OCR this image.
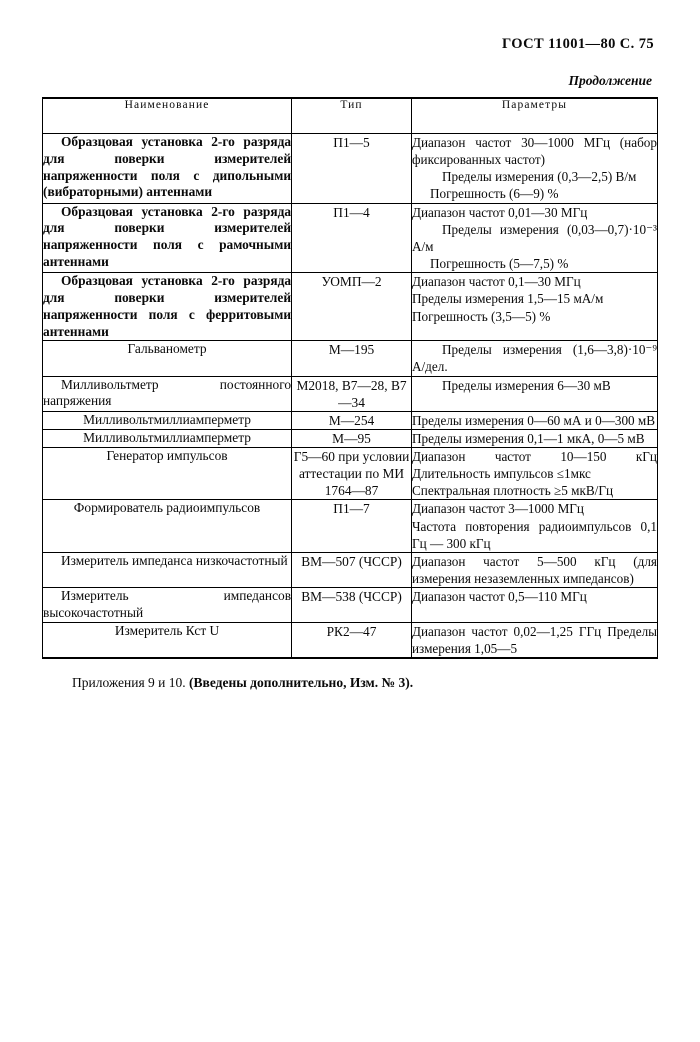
ГОСТ 11001—80 С. 75
Продолжение
Наименование	Тип	Параметры

Образцовая установка 2-го разряда для поверки измерителей напряженности поля с дипольными (вибраторными) антеннами	П1—5	Диапазон частот 30—1000 МГц (набор фиксированных частот)
Пределы измерения (0,3—2,5) В/м
Погрешность (6—9) %

Образцовая установка 2-го разряда для поверки измерителей напряженности поля с рамочными антеннами	П1—4	Диапазон частот 0,01—30 МГц
Пределы измерения (0,03—0,7)·10⁻³ А/м
Погрешность (5—7,5) %

Образцовая установка 2-го разряда для поверки измерителей напряженности поля с ферритовыми антеннами	УОМП—2	Диапазон частот 0,1—30 МГц
Пределы измерения 1,5—15 мА/м
Погрешность (3,5—5) %
Гальванометр	М—195	Пределы измерения (1,6—3,8)·10⁻⁹ А/дел.

Милливольтметр постоянного напряжения	М2018, В7—28, В7—34	Пределы измерения 6—30 мВ

Милливольтмиллиамперметр	М—254	Пределы измерения 0—60 мА и 0—300 мВ

Милливольтмиллиамперметр	М—95	Пределы измерения 0,1—1 мкА, 0—5 мВ

Генератор импульсов	Г5—60 при условии аттестации по МИ 1764—87	Диапазон частот 10—150 кГц Длительность импульсов ≤1мкс
Спектральная плотность ≥5 мкВ/Гц

Формирователь радиоимпульсов	П1—7	Диапазон частот 3—1000 МГц
Частота повторения радиоимпульсов 0,1 Гц — 300 кГц

Измеритель импеданса низкочастотный	ВМ—507 (ЧССР)	Диапазон частот 5—500 кГц (для измерения незаземленных импедансов)

Измеритель импедансов высокочастотный	ВМ—538 (ЧССР)	Диапазон частот 0,5—110 МГц
Измеритель Кст U	РК2—47	Диапазон частот 0,02—1,25 ГГц Пределы измерения 1,05—5
Приложения 9 и 10. (Введены дополнительно, Изм. № 3).
